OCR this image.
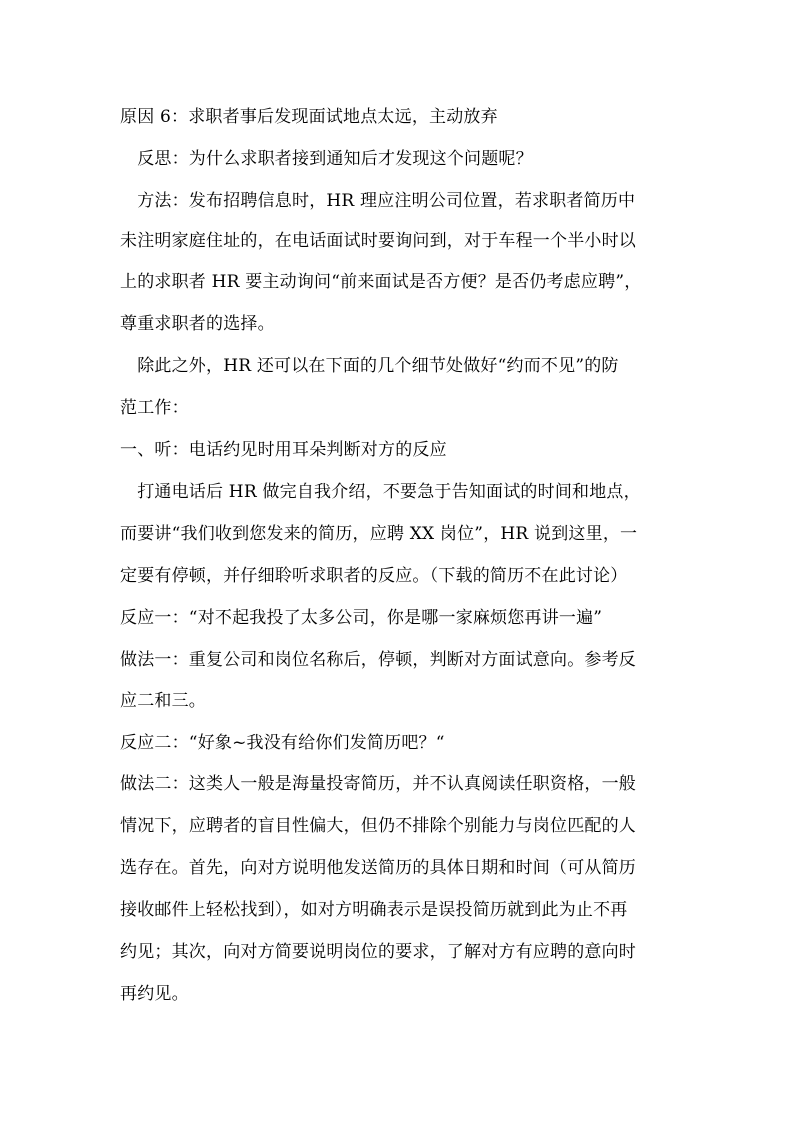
原因 6：求职者事后发现面试地点太远，主动放弃
　反思：为什么求职者接到通知后才发现这个问题呢？
　方法：发布招聘信息时，HR 理应注明公司位置，若求职者简历中
未注明家庭住址的，在电话面试时要询问到，对于车程一个半小时以
上的求职者 HR 要主动询问“前来面试是否方便？是否仍考虑应聘”，
尊重求职者的选择。
　除此之外，HR 还可以在下面的几个细节处做好“约而不见”的防
范工作：
一、听：电话约见时用耳朵判断对方的反应
　打通电话后 HR 做完自我介绍，不要急于告知面试的时间和地点，
而要讲“我们收到您发来的简历，应聘 XX 岗位”，HR 说到这里，一
定要有停顿，并仔细聆听求职者的反应。（下载的简历不在此讨论）
反应一：“对不起我投了太多公司，你是哪一家麻烦您再讲一遍”
做法一：重复公司和岗位名称后，停顿，判断对方面试意向。参考反
应二和三。
反应二：“好象~我没有给你们发简历吧？“
做法二：这类人一般是海量投寄简历，并不认真阅读任职资格，一般
情况下，应聘者的盲目性偏大，但仍不排除个别能力与岗位匹配的人
选存在。首先，向对方说明他发送简历的具体日期和时间（可从简历
接收邮件上轻松找到），如对方明确表示是误投简历就到此为止不再
约见；其次，向对方简要说明岗位的要求，了解对方有应聘的意向时
再约见。
